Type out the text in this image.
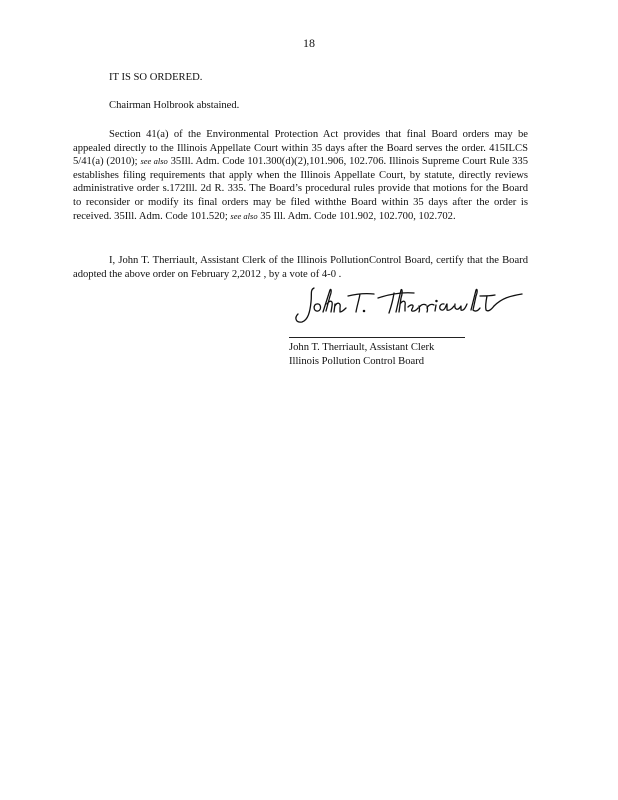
18
IT IS SO ORDERED.
Chairman Holbrook abstained.
Section 41(a) of the Environmental Protection Act provides that final Board orders may be appealed directly to the Illinois Appellate Court within 35 days after the Board serves the order. 415ILCS 5/41(a) (2010); see also 35Ill. Adm. Code 101.300(d)(2),101.906, 102.706. Illinois Supreme Court Rule 335 establishes filing requirements that apply when the Illinois Appellate Court, by statute, directly reviews administrative order s.172Ill. 2d R. 335. The Board’s procedural rules provide that motions for the Board to reconsider or modify its final orders may be filed withthe Board within 35 days after the order is received. 35Ill. Adm. Code 101.520; see also 35 Ill. Adm. Code 101.902, 102.700, 102.702.
I, John T. Therriault, Assistant Clerk of the Illinois PollutionControl Board, certify that the Board adopted the above order on February 2,2012 , by a vote of 4-0 .
John T. Therriault, Assistant Clerk
Illinois Pollution Control Board
